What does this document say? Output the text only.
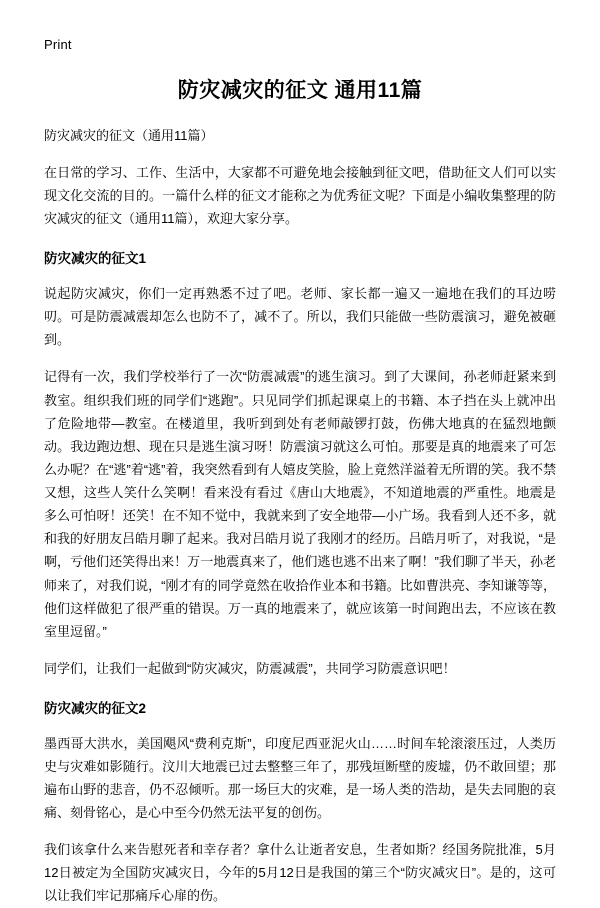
Print
防灾减灾的征文 通用11篇
防灾减灾的征文（通用11篇）

在日常的学习、工作、生活中，大家都不可避免地会接触到征文吧，借助征文人们可以实现文化交流的目的。一篇什么样的征文才能称之为优秀征文呢？下面是小编收集整理的防灾减灾的征文（通用11篇），欢迎大家分享。

防灾减灾的征文1

说起防灾减灾，你们一定再熟悉不过了吧。老师、家长都一遍又一遍地在我们的耳边唠叨。可是防震减震却怎么也防不了，减不了。所以，我们只能做一些防震演习，避免被砸到。

记得有一次，我们学校举行了一次“防震减震”的逃生演习。到了大课间，孙老师赶紧来到教室。组织我们班的同学们“逃跑”。只见同学们抓起课桌上的书籍、本子挡在头上就冲出了危险地带—教室。在楼道里，我听到到处有老师敲锣打鼓，伤佛大地真的在猛烈地颤动。我边跑边想、现在只是逃生演习呀！防震演习就这么可怕。那要是真的地震来了可怎么办呢？在“逃”着“逃”着，我突然看到有人嬉皮笑脸，脸上竟然洋溢着无所谓的笑。我不禁又想，这些人笑什么笑啊！看来没有看过《唐山大地震》，不知道地震的严重性。地震是多么可怕呀！还笑！在不知不觉中，我就来到了安全地带—小广场。我看到人还不多，就和我的好朋友吕皓月聊了起来。我对吕皓月说了我刚才的经历。吕皓月听了，对我说，“是啊，亏他们还笑得出来！万一地震真来了，他们逃也逃不出来了啊！”我们聊了半天，孙老师来了，对我们说，“刚才有的同学竟然在收拾作业本和书籍。比如曹洪亮、李知谦等等，他们这样做犯了很严重的错误。万一真的地震来了，就应该第一时间跑出去，不应该在教室里逗留。”

同学们，让我们一起做到“防灾减灾，防震减震”，共同学习防震意识吧！

防灾减灾的征文2

墨西哥大洪水，美国飓风“费利克斯”，印度尼西亚泥火山……时间车轮滚滚压过，人类历史与灾难如影随行。汶川大地震已过去整整三年了，那残垣断壁的废墟，仍不敢回望；那遍布山野的悲音，仍不忍倾听。那一场巨大的灾难，是一场人类的浩劫，是失去同胞的哀痛、刻骨铭心，是心中至今仍然无法平复的创伤。

我们该拿什么来告慰死者和幸存者？拿什么让逝者安息，生者如斯？经国务院批准，5月12日被定为全国防灾减灾日，今年的5月12日是我国的第三个“防灾减灾日”。是的，这可以让我们牢记那痛斥心扉的伤。
